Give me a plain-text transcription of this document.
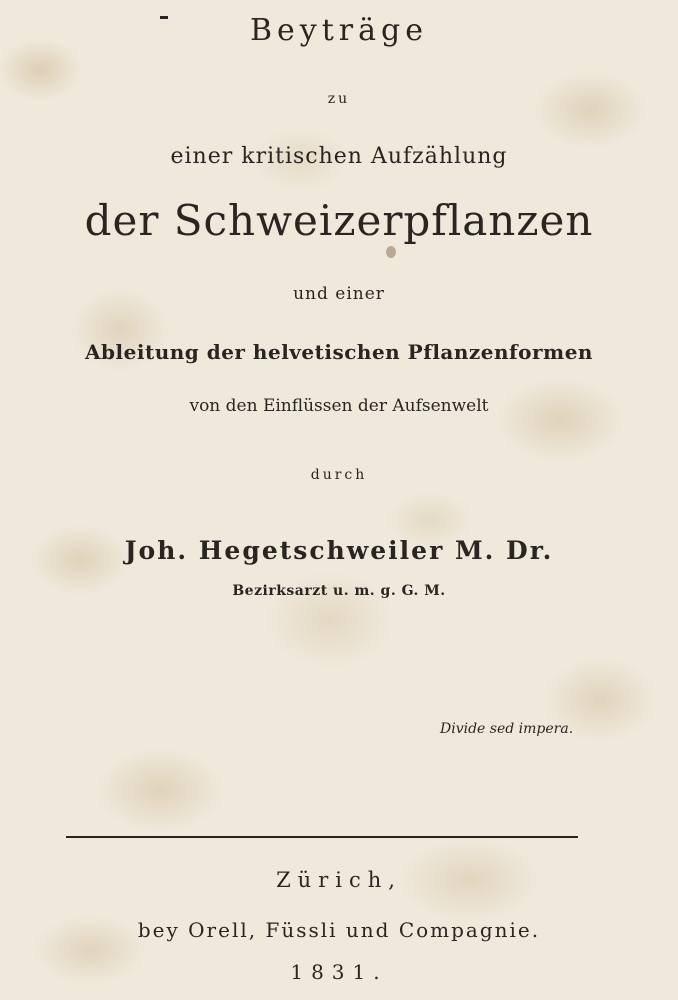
Beyträge
zu
einer kritischen Aufzählung
der Schweizerpflanzen
und einer
Ableitung der helvetischen Pflanzenformen
von den Einflüssen der Aufsenwelt
durch
Joh. Hegetschweiler M. Dr.
Bezirksarzt u. m. g. G. M.
Divide sed impera.
Zürich,
bey Orell, Füssli und Compagnie.
1831.
